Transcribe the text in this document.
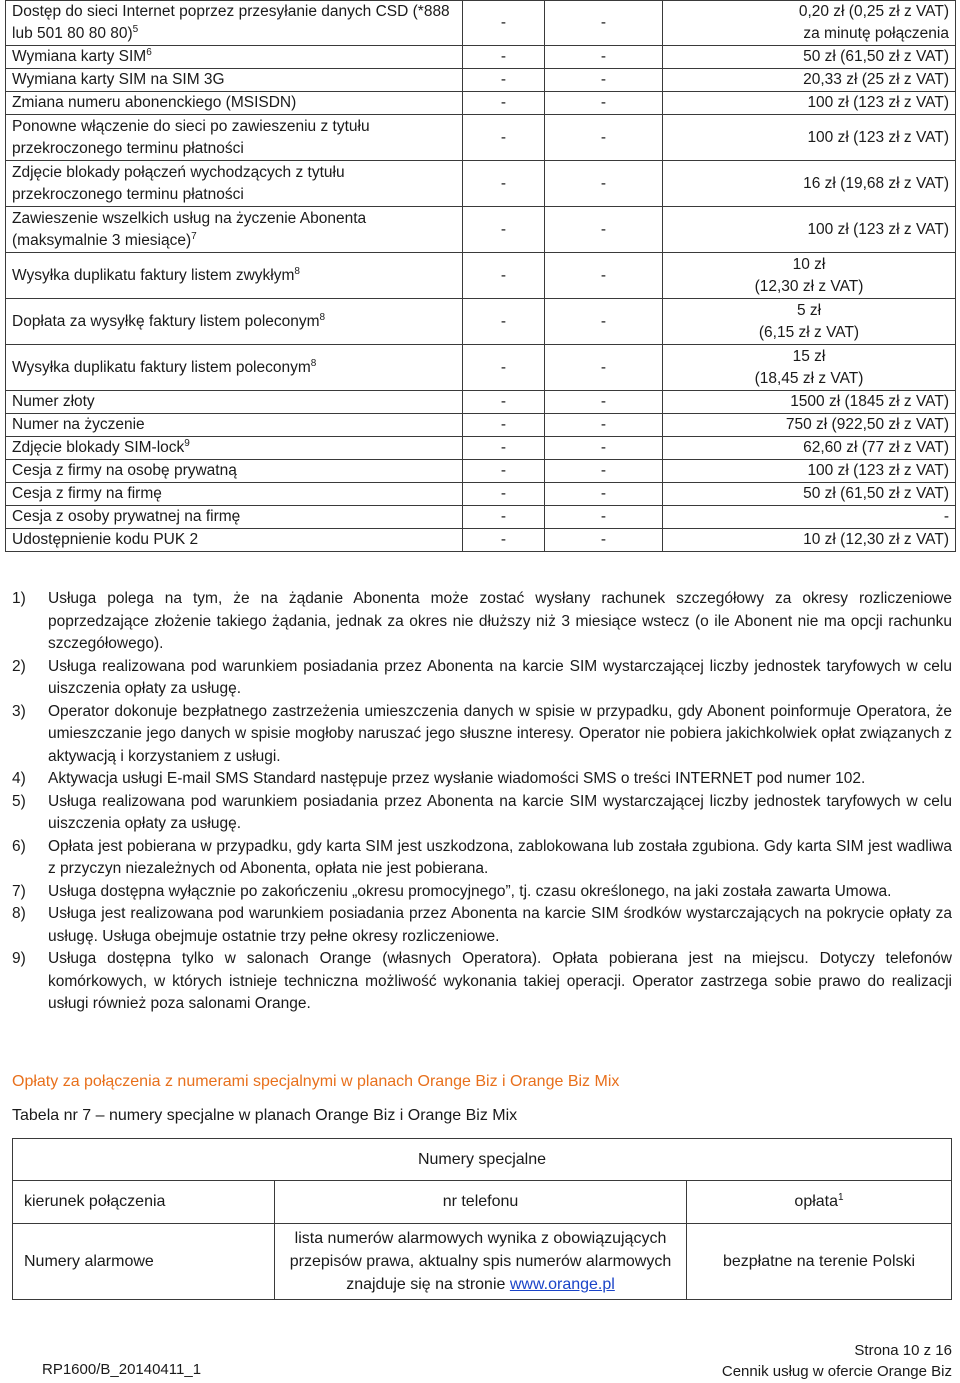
Dostęp do sieci Internet poprzez przesyłanie danych CSD (*888 lub 501 80 80 80)$^5$	-	-	0,20 zł (0,25 zł z VAT)
za minutę połączenia
Wymiana karty SIM$^6$	-	-	50 zł (61,50 zł z VAT)
Wymiana karty SIM na SIM 3G	-	-	20,33 zł (25 zł z VAT)
Zmiana numeru abonenckiego (MSISDN)	-	-	100 zł (123 zł z VAT)
Ponowne włączenie do sieci po zawieszeniu z tytułu przekroczonego terminu płatności	-	-	100 zł (123 zł z VAT)
Zdjęcie blokady połączeń wychodzących z tytułu przekroczonego terminu płatności	-	-	16 zł (19,68 zł z VAT)
Zawieszenie wszelkich usług na życzenie Abonenta (maksymalnie 3 miesiące)$^7$	-	-	100 zł (123 zł z VAT)
Wysyłka duplikatu faktury listem zwykłym$^8$	-	-	10 zł
(12,30 zł z VAT)
Dopłata za wysyłkę faktury listem poleconym$^8$	-	-	5 zł
(6,15 zł z VAT)
Wysyłka duplikatu faktury listem poleconym$^8$	-	-	15 zł
(18,45 zł z VAT)
Numer złoty	-	-	1500 zł (1845 zł z VAT)
Numer na życzenie	-	-	750 zł (922,50 zł z VAT)
Zdjęcie blokady SIM-lock$^9$	-	-	62,60 zł (77 zł z VAT)
Cesja z firmy na osobę prywatną	-	-	100 zł (123 zł z VAT)
Cesja z firmy na firmę	-	-	50 zł (61,50 zł z VAT)
Cesja z osoby prywatnej na firmę	-	-	-
Udostępnienie kodu PUK 2	-	-	10 zł (12,30 zł z VAT)
1) Usługa polega na tym, że na żądanie Abonenta może zostać wysłany rachunek szczegółowy za okresy rozliczeniowe poprzedzające złożenie takiego żądania, jednak za okres nie dłuższy niż 3 miesiące wstecz (o ile Abonent nie ma opcji rachunku szczegółowego).
2) Usługa realizowana pod warunkiem posiadania przez Abonenta na karcie SIM wystarczającej liczby jednostek taryfowych w celu uiszczenia opłaty za usługę.
3) Operator dokonuje bezpłatnego zastrzeżenia umieszczenia danych w spisie w przypadku, gdy Abonent poinformuje Operatora, że umieszczanie jego danych w spisie mogłoby naruszać jego słuszne interesy. Operator nie pobiera jakichkolwiek opłat związanych z aktywacją i korzystaniem z usługi.
4) Aktywacja usługi E-mail SMS Standard następuje przez wysłanie wiadomości SMS o treści INTERNET pod numer 102.
5) Usługa realizowana pod warunkiem posiadania przez Abonenta na karcie SIM wystarczającej liczby jednostek taryfowych w celu uiszczenia opłaty za usługę.
6) Opłata jest pobierana w przypadku, gdy karta SIM jest uszkodzona, zablokowana lub została zgubiona. Gdy karta SIM jest wadliwa z przyczyn niezależnych od Abonenta, opłata nie jest pobierana.
7) Usługa dostępna wyłącznie po zakończeniu „okresu promocyjnego”, tj. czasu określonego, na jaki została zawarta Umowa.
8) Usługa jest realizowana pod warunkiem posiadania przez Abonenta na karcie SIM środków wystarczających na pokrycie opłaty za usługę. Usługa obejmuje ostatnie trzy pełne okresy rozliczeniowe.
9) Usługa dostępna tylko w salonach Orange (własnych Operatora). Opłata pobierana jest na miejscu. Dotyczy telefonów komórkowych, w których istnieje techniczna możliwość wykonania takiej operacji. Operator zastrzega sobie prawo do realizacji usługi również poza salonami Orange.
Opłaty za połączenia z numerami specjalnymi w planach Orange Biz i Orange Biz Mix
Tabela nr 7 – numery specjalne w planach Orange Biz i Orange Biz Mix
Numery specjalne		
kierunek połączenia	nr telefonu	opłata$^1$
Numery alarmowe	lista numerów alarmowych wynika z obowiązujących przepisów prawa, aktualny spis numerów alarmowych znajduje się na stronie www.orange.pl	bezpłatne na terenie Polski
Strona 10 z 16
Cennik usług w ofercie Orange Biz
RP1600/B_20140411_1
